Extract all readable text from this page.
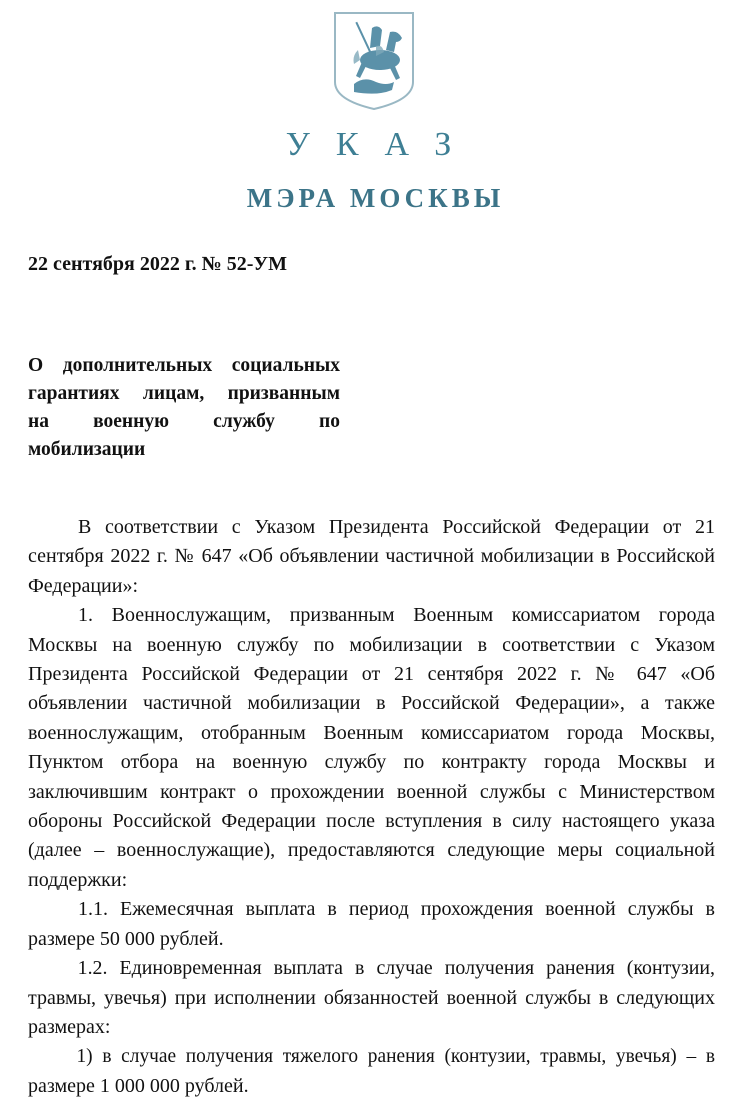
УКАЗ
МЭРА МОСКВЫ
22 сентября 2022 г. № 52-УМ
О дополнительных социальных
гарантиях лицам, призванным
на военную службу по
мобилизации
В соответствии с Указом Президента Российской Федерации от 21
сентября 2022 г. № 647 «Об объявлении частичной мобилизации в Российской
Федерации»:
1. Военнослужащим, призванным Военным комиссариатом города
Москвы на военную службу по мобилизации в соответствии с Указом
Президента Российской Федерации от 21 сентября 2022 г. № 647 «Об
объявлении частичной мобилизации в Российской Федерации», а также
военнослужащим, отобранным Военным комиссариатом города Москвы,
Пунктом отбора на военную службу по контракту города Москвы и
заключившим контракт о прохождении военной службы с Министерством
обороны Российской Федерации после вступления в силу настоящего указа
(далее – военнослужащие), предоставляются следующие меры социальной
поддержки:
1.1. Ежемесячная выплата в период прохождения военной службы в
размере 50 000 рублей.
1.2. Единовременная выплата в случае получения ранения (контузии,
травмы, увечья) при исполнении обязанностей военной службы в следующих
размерах:
1) в случае получения тяжелого ранения (контузии, травмы, увечья) – в
размере 1 000 000 рублей.
